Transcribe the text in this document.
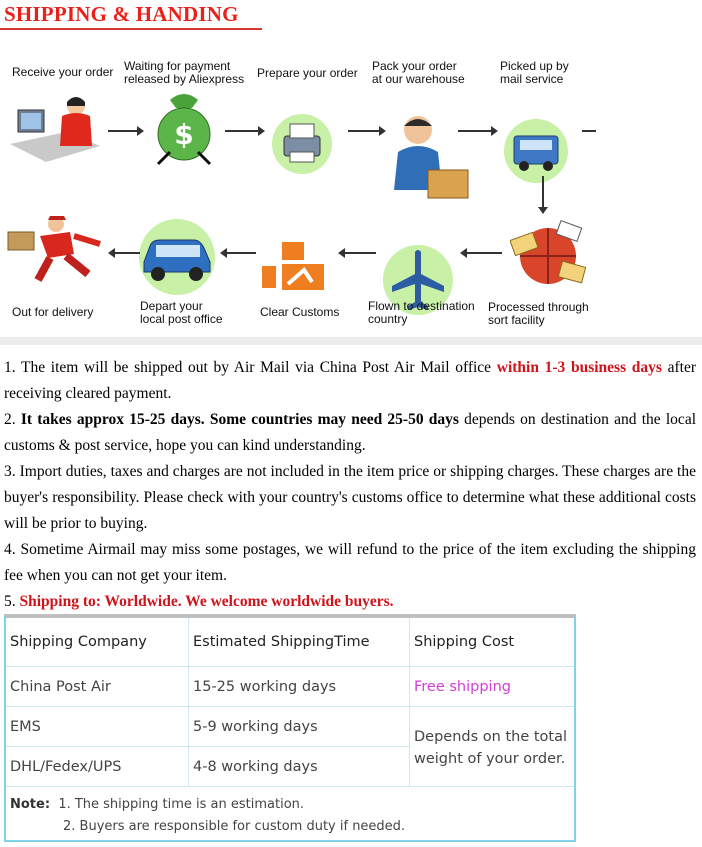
SHIPPING & HANDING
Receive your order Waiting for payment
released by Aliexpress Prepare your order Pack your order
at our warehouse
Picked up by
mail service
$
Out for delivery	Depart your
local post office	Clear Customs Flown to destination
country
Processed through
sort facility
1. The item will be shipped out by Air Mail via China Post Air Mail office within 1-3 business days after receiving cleared payment.
2. It takes approx 15-25 days. Some countries may need 25-50 days depends on destination and the local customs & post service, hope you can kind understanding.
3. Import duties, taxes and charges are not included in the item price or shipping charges. These charges are the buyer's responsibility. Please check with your country's customs office to determine what these additional costs will be prior to buying.
4. Sometime Airmail may miss some postages, we will refund to the price of the item excluding the shipping fee when you can not get your item.
5. Shipping to: Worldwide. We welcome worldwide buyers.
Shipping Company	Estimated ShippingTime	Shipping Cost
China Post Air	15-25 working days	Free shipping
EMS	5-9 working days	Depends on the total weight of your order.
DHL/Fedex/UPS	4-8 working days	
Note: 1. The shipping time is an estimation.
2. Buyers are responsible for custom duty if needed.
